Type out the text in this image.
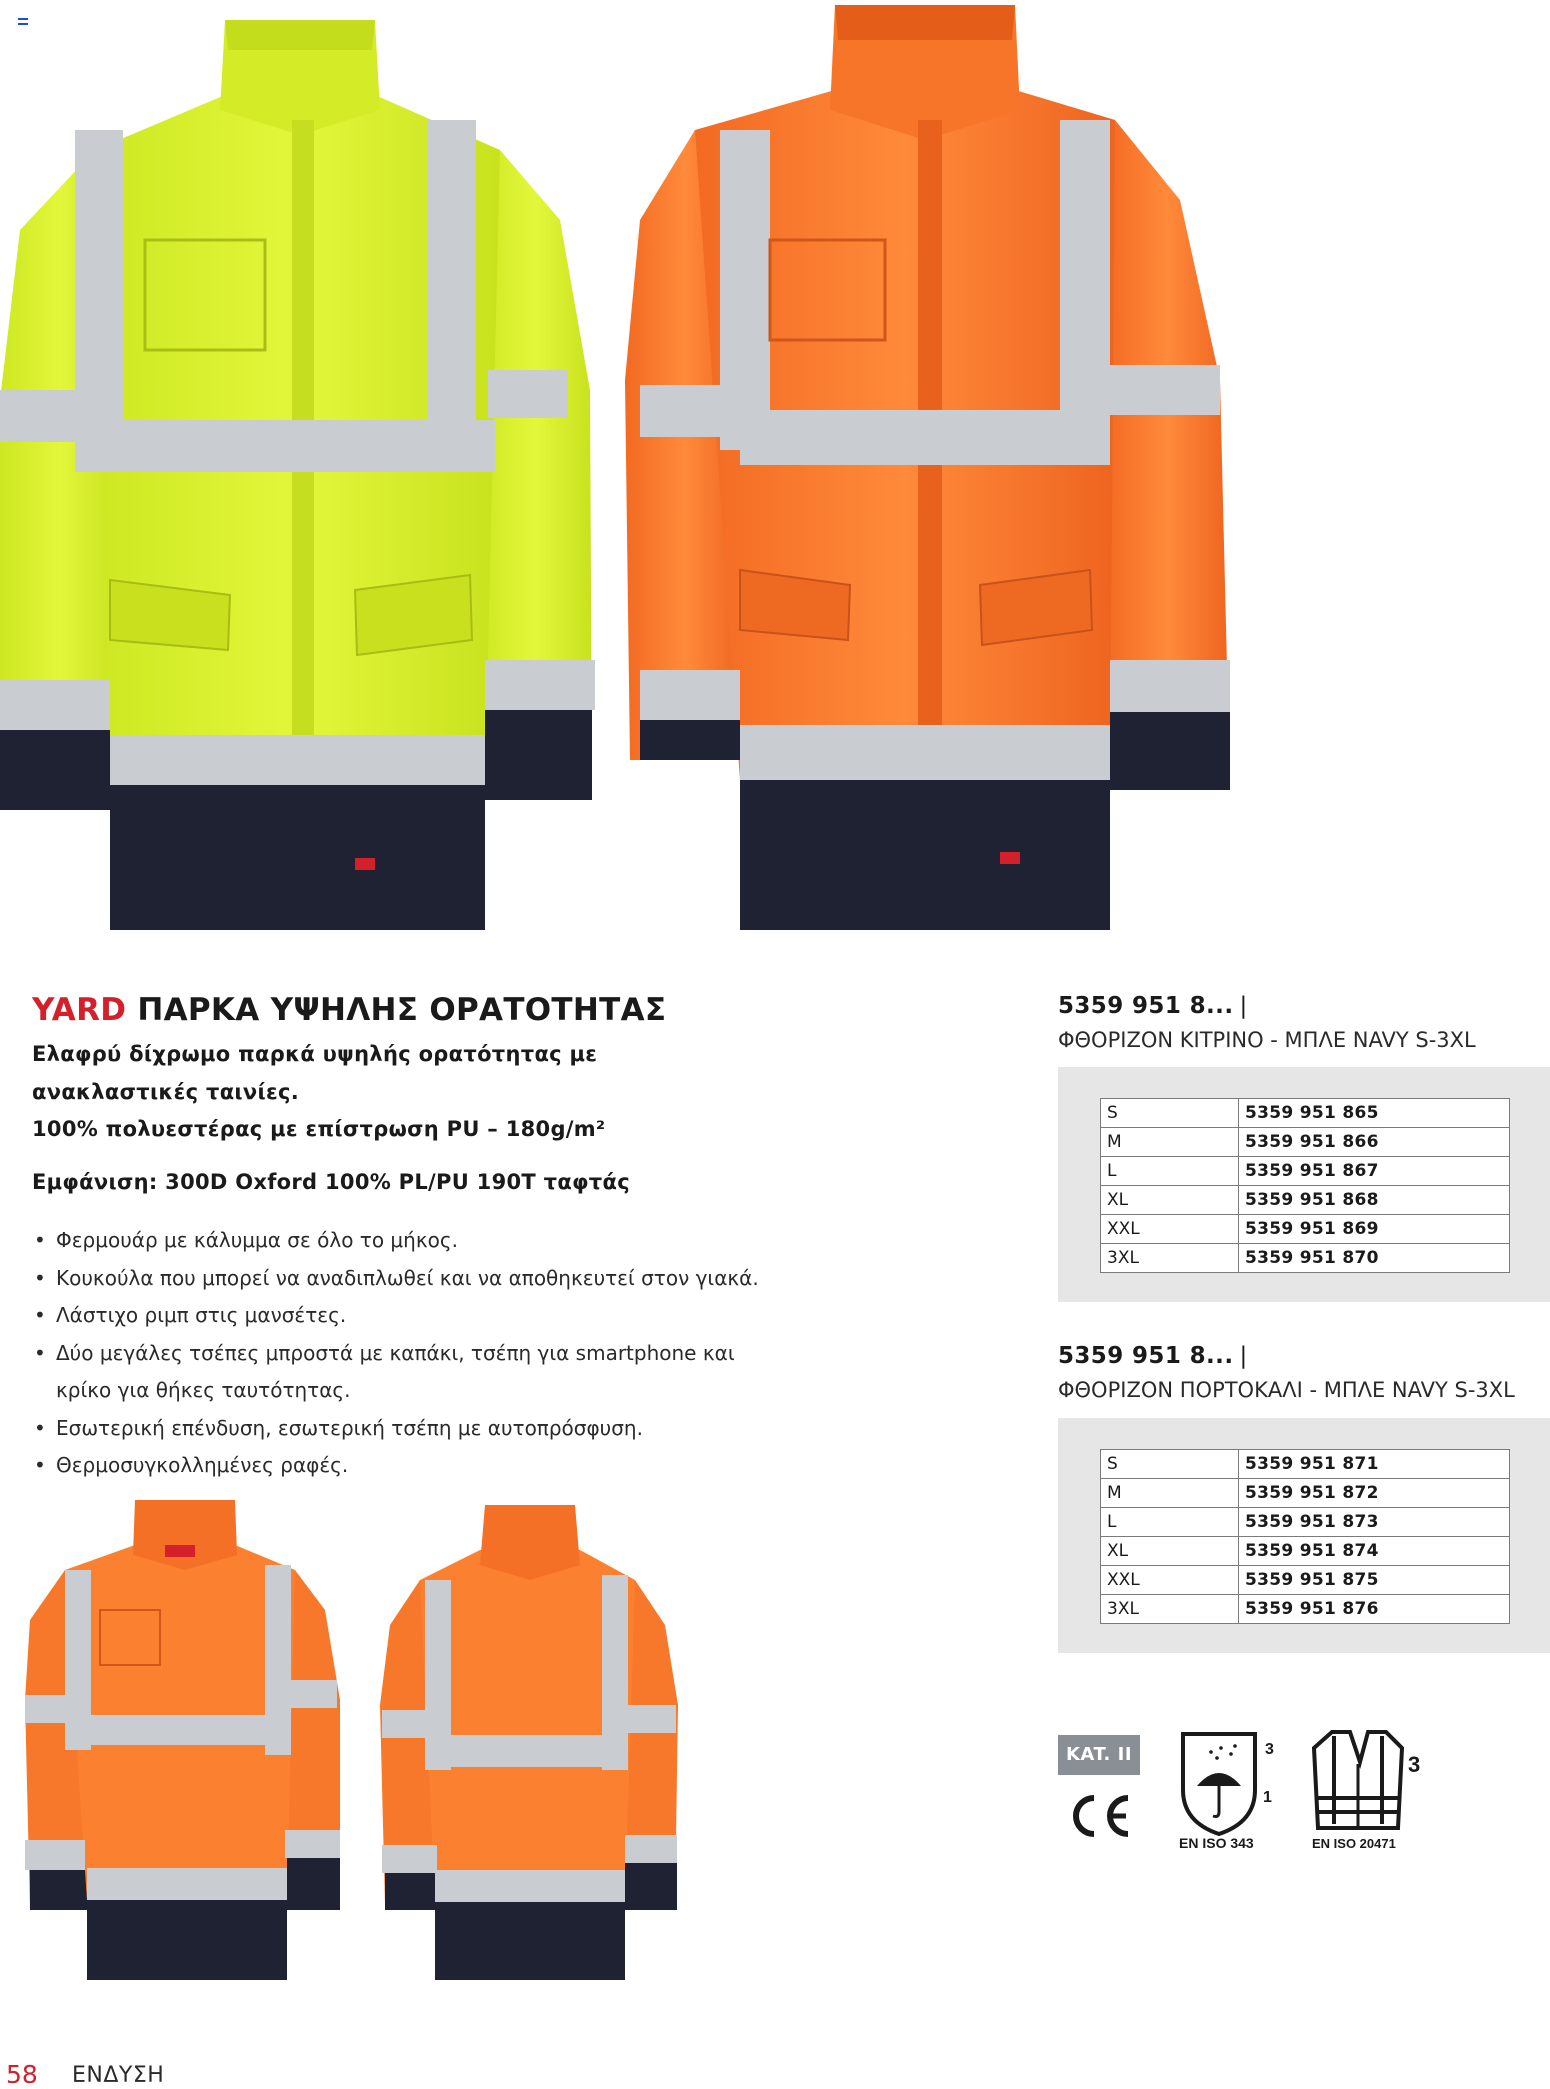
YARD ΠΑΡΚΑ ΥΨΗΛΗΣ ΟΡΑΤΟΤΗΤΑΣ
Ελαφρύ δίχρωμο παρκά υψηλής ορατότητας με
ανακλαστικές ταινίες.
100% πολυεστέρας με επίστρωση PU – 180g/m²
Εμφάνιση: 300D Oxford 100% PL/PU 190T ταφτάς
• Φερμουάρ με κάλυμμα σε όλο το μήκος.
• Κουκούλα που μπορεί να αναδιπλωθεί και να αποθηκευτεί στον γιακά.
• Λάστιχο ριμπ στις μανσέτες.
• Δύο μεγάλες τσέπες μπροστά με καπάκι, τσέπη για smartphone και
κρίκο για θήκες ταυτότητας.
• Εσωτερική επένδυση, εσωτερική τσέπη με αυτοπρόσφυση.
• Θερμοσυγκολλημένες ραφές.
5359 951 8... |
ΦΘΟΡΙΖΟΝ ΚΙΤΡΙΝΟ - ΜΠΛΕ NAVY S-3XL
S	5359 951 865
M	5359 951 866
L	5359 951 867
XL	5359 951 868
XXL	5359 951 869
3XL	5359 951 870
5359 951 8... |
ΦΘΟΡΙΖΟΝ ΠΟΡΤΟΚΑΛΙ - ΜΠΛΕ NAVY S-3XL
S	5359 951 871
M	5359 951 872
L	5359 951 873
XL	5359 951 874
XXL	5359 951 875
3XL	5359 951 876
KAT. II	3
1
EN ISO 343
3
EN ISO 20471
58 ΕΝΔΥΣΗ
